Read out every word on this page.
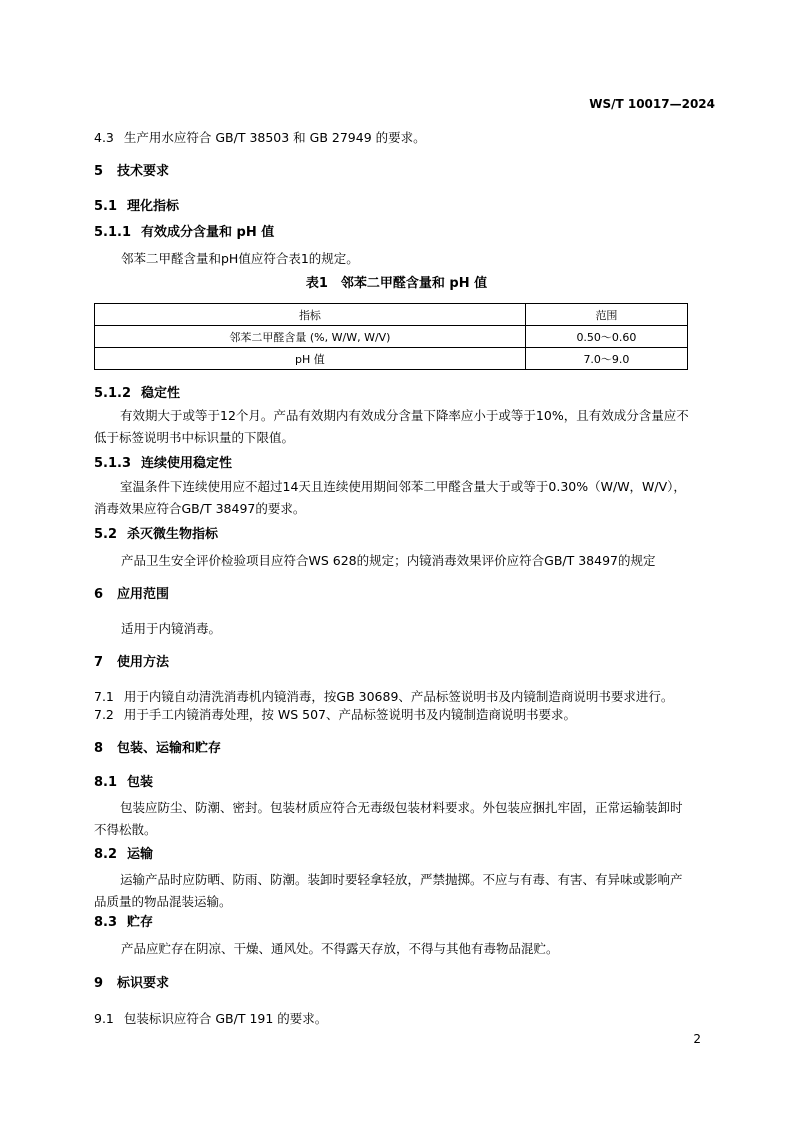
WS/T 10017—2024
4.3 生产用水应符合 GB/T 38503 和 GB 27949 的要求。
5 技术要求
5.1 理化指标
5.1.1 有效成分含量和 pH 值
邻苯二甲醛含量和pH值应符合表1的规定。
表1　邻苯二甲醛含量和 pH 值
指标	范围
邻苯二甲醛含量 (%, W/W, W/V)	0.50～0.60
pH 值	7.0～9.0
5.1.2 稳定性
有效期大于或等于12个月。产品有效期内有效成分含量下降率应小于或等于10%，且有效成分含量应不低于标签说明书中标识量的下限值。
5.1.3 连续使用稳定性
室温条件下连续使用应不超过14天且连续使用期间邻苯二甲醛含量大于或等于0.30%（W/W，W/V），消毒效果应符合GB/T 38497的要求。
5.2 杀灭微生物指标
产品卫生安全评价检验项目应符合WS 628的规定；内镜消毒效果评价应符合GB/T 38497的规定
6 应用范围
适用于内镜消毒。
7 使用方法
7.1 用于内镜自动清洗消毒机内镜消毒，按GB 30689、产品标签说明书及内镜制造商说明书要求进行。
7.2 用于手工内镜消毒处理，按 WS 507、产品标签说明书及内镜制造商说明书要求。
8 包装、运输和贮存
8.1 包装
包装应防尘、防潮、密封。包装材质应符合无毒级包装材料要求。外包装应捆扎牢固，正常运输装卸时不得松散。
8.2 运输
运输产品时应防晒、防雨、防潮。装卸时要轻拿轻放，严禁抛掷。不应与有毒、有害、有异味或影响产品质量的物品混装运输。
8.3 贮存
产品应贮存在阴凉、干燥、通风处。不得露天存放，不得与其他有毒物品混贮。
9 标识要求
9.1 包装标识应符合 GB/T 191 的要求。
2
